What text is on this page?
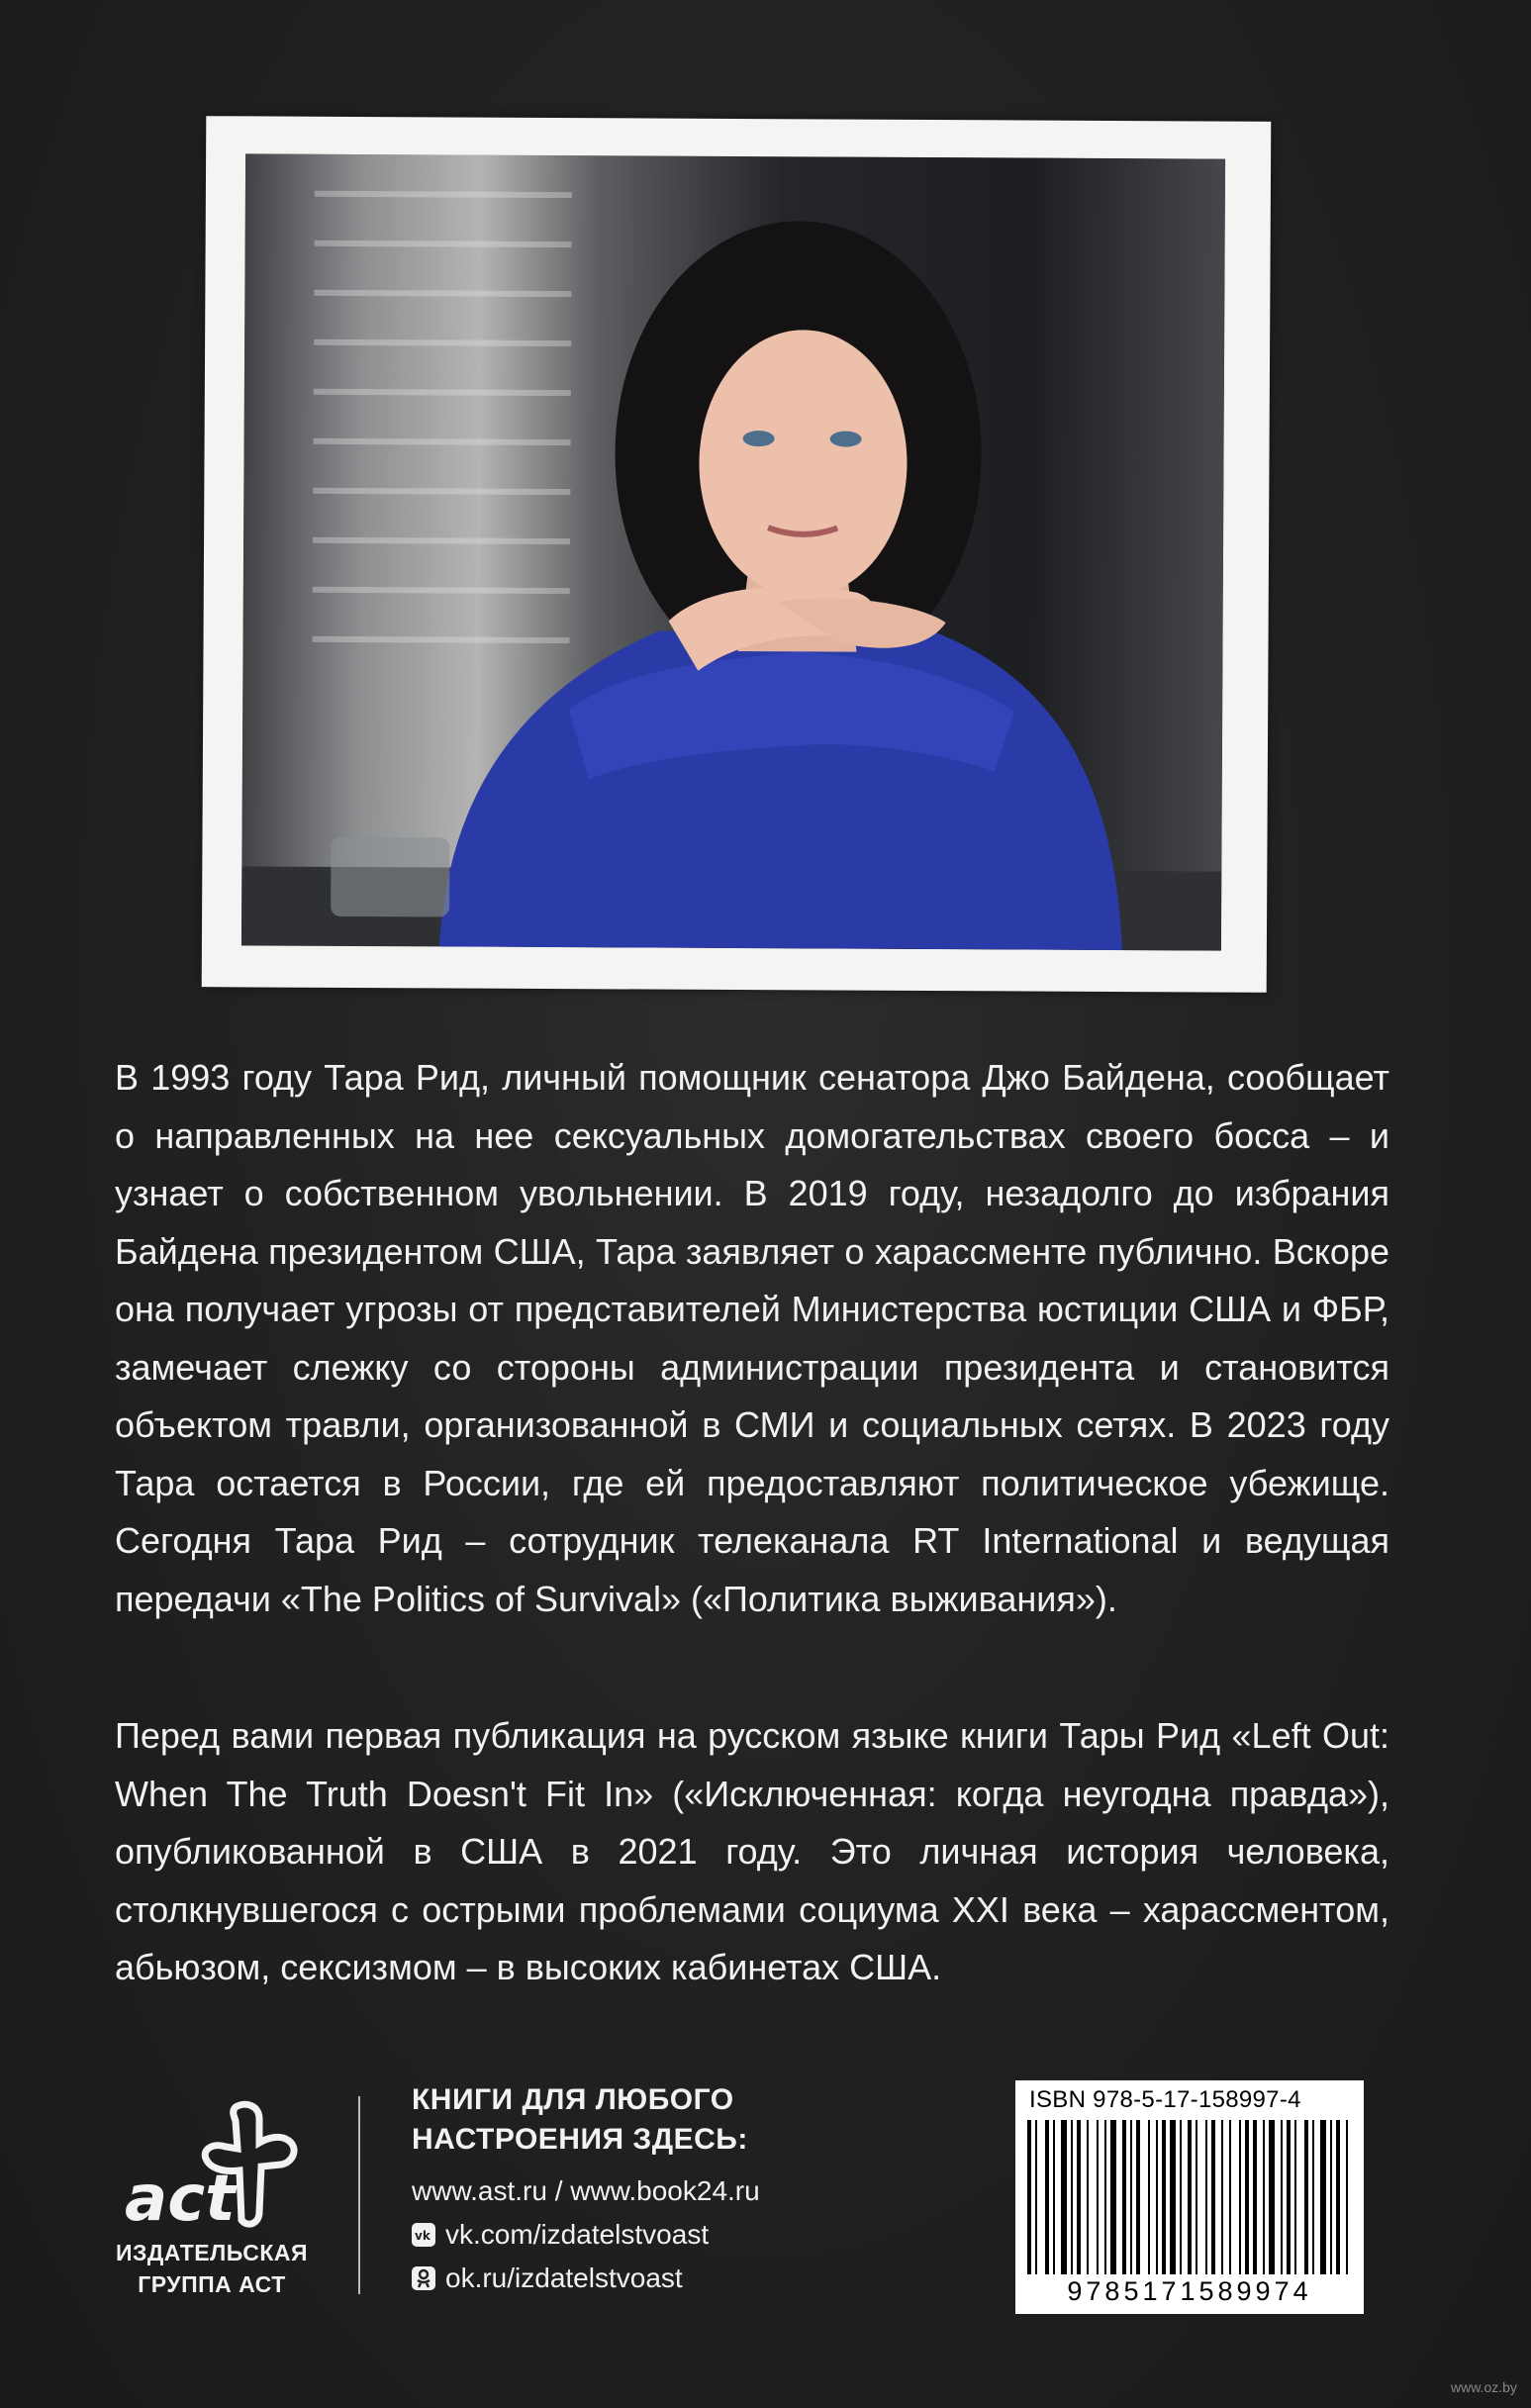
В 1993 году Тара Рид, личный помощник сенатора Джо Байдена, сообщает о направленных на нее сексуальных домогательствах своего босса – и узнает о собственном увольнении. В 2019 году, незадолго до избрания Байдена президентом США, Тара заявляет о харассменте публично. Вскоре она получает угрозы от представителей Министерства юстиции США и ФБР, замечает слежку со стороны администрации президента и становится объектом травли, организованной в СМИ и социальных сетях. В 2023 году Тара остается в России, где ей предоставляют политическое убежище. Сегодня Тара Рид – сотрудник телеканала RT International и ведущая передачи «The Politics of Survival» («Политика выживания»).

Перед вами первая публикация на русском языке книги Тары Рид «Left Out: When The Truth Doesn't Fit In» («Исключенная: когда неугодна правда»), опубликованной в США в 2021 году. Это личная история человека, столкнувшегося с острыми проблемами социума XXI века – харассментом, абьюзом, сексизмом – в высоких кабинетах США.

act
ИЗДАТЕЛЬСКАЯ
ГРУППА АСТ
КНИГИ ДЛЯ ЛЮБОГО
НАСТРОЕНИЯ ЗДЕСЬ:
www.ast.ru / www.book24.ru
vk vk.com/izdatelstvoast
ok.ru/izdatelstvoast
ISBN 978-5-17-158997-4
9785171589974
www.oz.by
